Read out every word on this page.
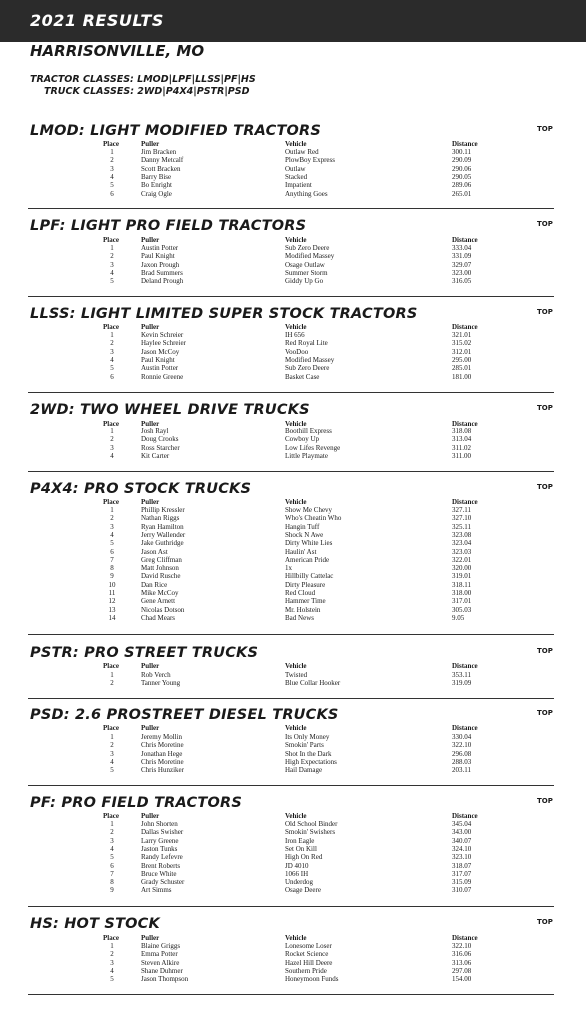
2021 RESULTS
HARRISONVILLE, MO
TRACTOR CLASSES: LMOD|LPF|LLSS|PF|HS
TRUCK CLASSES: 2WD|P4X4|PSTR|PSD
LMOD: LIGHT MODIFIED TRACTORS	TOP
Place	Puller	Vehicle	Distance
1	Jim Bracken	Outlaw Red	300.11
2	Danny Metcalf	PlowBoy Express	290.09
3	Scott Bracken	Outlaw	290.06
4	Barry Bise	Stacked	290.05
5	Bo Enright	Impatient	289.06
6	Craig Ogle	Anything Goes	265.01
LPF: LIGHT PRO FIELD TRACTORS	TOP
Place	Puller	Vehicle	Distance
1	Austin Potter	Sub Zero Deere	333.04
2	Paul Knight	Modified Massey	331.09
3	Jaxon Prough	Osage Outlaw	329.07
4	Brad Summers	Summer Storm	323.00
5	Deland Prough	Giddy Up Go	316.05
LLSS: LIGHT LIMITED SUPER STOCK TRACTORS	TOP
Place	Puller	Vehicle	Distance
1	Kevin Schreier	IH 656	321.01
2	Haylee Schreier	Red Royal Lite	315.02
3	Jason McCoy	VooDoo	312.01
4	Paul Knight	Modified Massey	295.00
5	Austin Potter	Sub Zero Deere	285.01
6	Ronnie Greene	Basket Case	181.00
2WD: TWO WHEEL DRIVE TRUCKS	TOP
Place	Puller	Vehicle	Distance
1	Josh Rayl	Boothill Express	318.08
2	Doug Crooks	Cowboy Up	313.04
3	Ross Starcher	Low Lifes Revenge	311.02
4	Kit Carter	Little Playmate	311.00
P4X4: PRO STOCK TRUCKS	TOP
Place	Puller	Vehicle	Distance
1	Phillip Kressler	Show Me Chevy	327.11
2	Nathan Riggs	Who's Cheatin Who	327.10
3	Ryan Hamilton	Hangin Tuff	325.11
4	Jerry Wallender	Shock N Awe	323.08
5	Jake Guthridge	Dirty White Lies	323.04
6	Jason Ast	Haulin' Ast	323.03
7	Greg Cliffman	American Pride	322.01
8	Matt Johnson	1x	320.00
9	David Rusche	Hillbilly Cattelac	319.01
10	Dan Rice	Dirty Pleasure	318.11
11	Mike McCoy	Red Cloud	318.00
12	Gene Arnett	Hammer Time	317.01
13	Nicolas Dotson	Mr. Holstein	305.03
14	Chad Mears	Bad News	9.05
PSTR: PRO STREET TRUCKS	TOP
Place	Puller	Vehicle	Distance
1	Rob Verch	Twisted	353.11
2	Tanner Young	Blue Collar Hooker	319.09
PSD: 2.6 PROSTREET DIESEL TRUCKS	TOP
Place	Puller	Vehicle	Distance
1	Jeremy Mollin	Its Only Money	330.04
2	Chris Moretine	Smokin' Parts	322.10
3	Jonathan Hege	Shot In the Dark	296.08
4	Chris Moretine	High Expectations	288.03
5	Chris Hunziker	Hail Damage	203.11
PF: PRO FIELD TRACTORS	TOP
Place	Puller	Vehicle	Distance
1	John Shorten	Old School Binder	345.04
2	Dallas Swisher	Smokin' Swishers	343.00
3	Larry Greene	Iron Eagle	340.07
4	Jaston Tunks	Set On Kill	324.10
5	Randy Lefevre	High On Red	323.10
6	Brent Roberts	JD 4010	318.07
7	Bruce White	1066 IH	317.07
8	Grady Schuster	Underdog	315.09
9	Art Simms	Osage Deere	310.07
HS: HOT STOCK	TOP
Place	Puller	Vehicle	Distance
1	Blaine Griggs	Lonesome Loser	322.10
2	Emma Potter	Rocket Science	316.06
3	Steven Alkire	Hazel Hill Deere	313.06
4	Shane Duhmer	Southern Pride	297.08
5	Jason Thompson	Honeymoon Funds	154.00
